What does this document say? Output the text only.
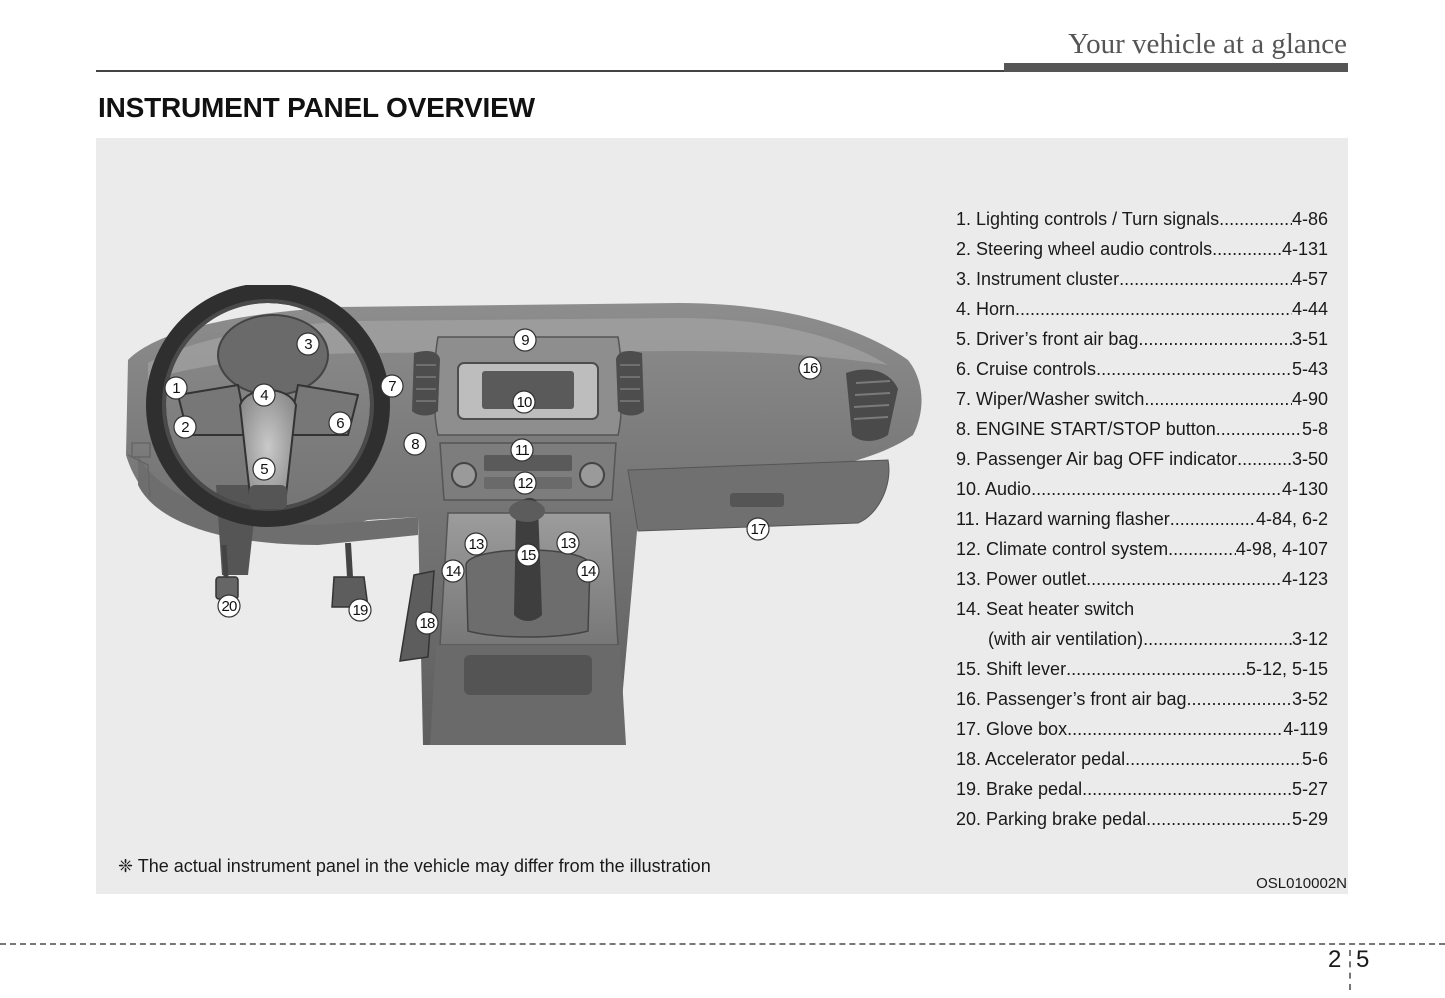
Your vehicle at a glance
INSTRUMENT PANEL OVERVIEW
1
2
3
4
5
6
7
8
9
10
11
12
13	13
14	14
15
16
17
18
19
20
1. Lighting controls / Turn signals .....	4-86
2. Steering wheel audio controls .....	4-131
3. Instrument cluster .....	4-57
4. Horn .....	4-44
5. Driver’s front air bag .....	3-51
6. Cruise controls .....	5-43
7. Wiper/Washer switch .....	4-90
8. ENGINE START/STOP button .....	5-8
9. Passenger Air bag OFF indicator .....	3-50
10. Audio .....	4-130
11. Hazard warning flasher .....	4-84, 6-2
12. Climate control system .....	4-98, 4-107
13. Power outlet .....	4-123
14. Seat heater switch
(with air ventilation) .....	3-12
15. Shift lever .....	5-12, 5-15
16. Passenger’s front air bag .....	3-52
17. Glove box .....	4-119
18. Accelerator pedal .....	5-6
19. Brake pedal .....	5-27
20. Parking brake pedal .....	5-29
❈ The actual instrument panel in the vehicle may differ from the illustration
OSL010002N
2 5
